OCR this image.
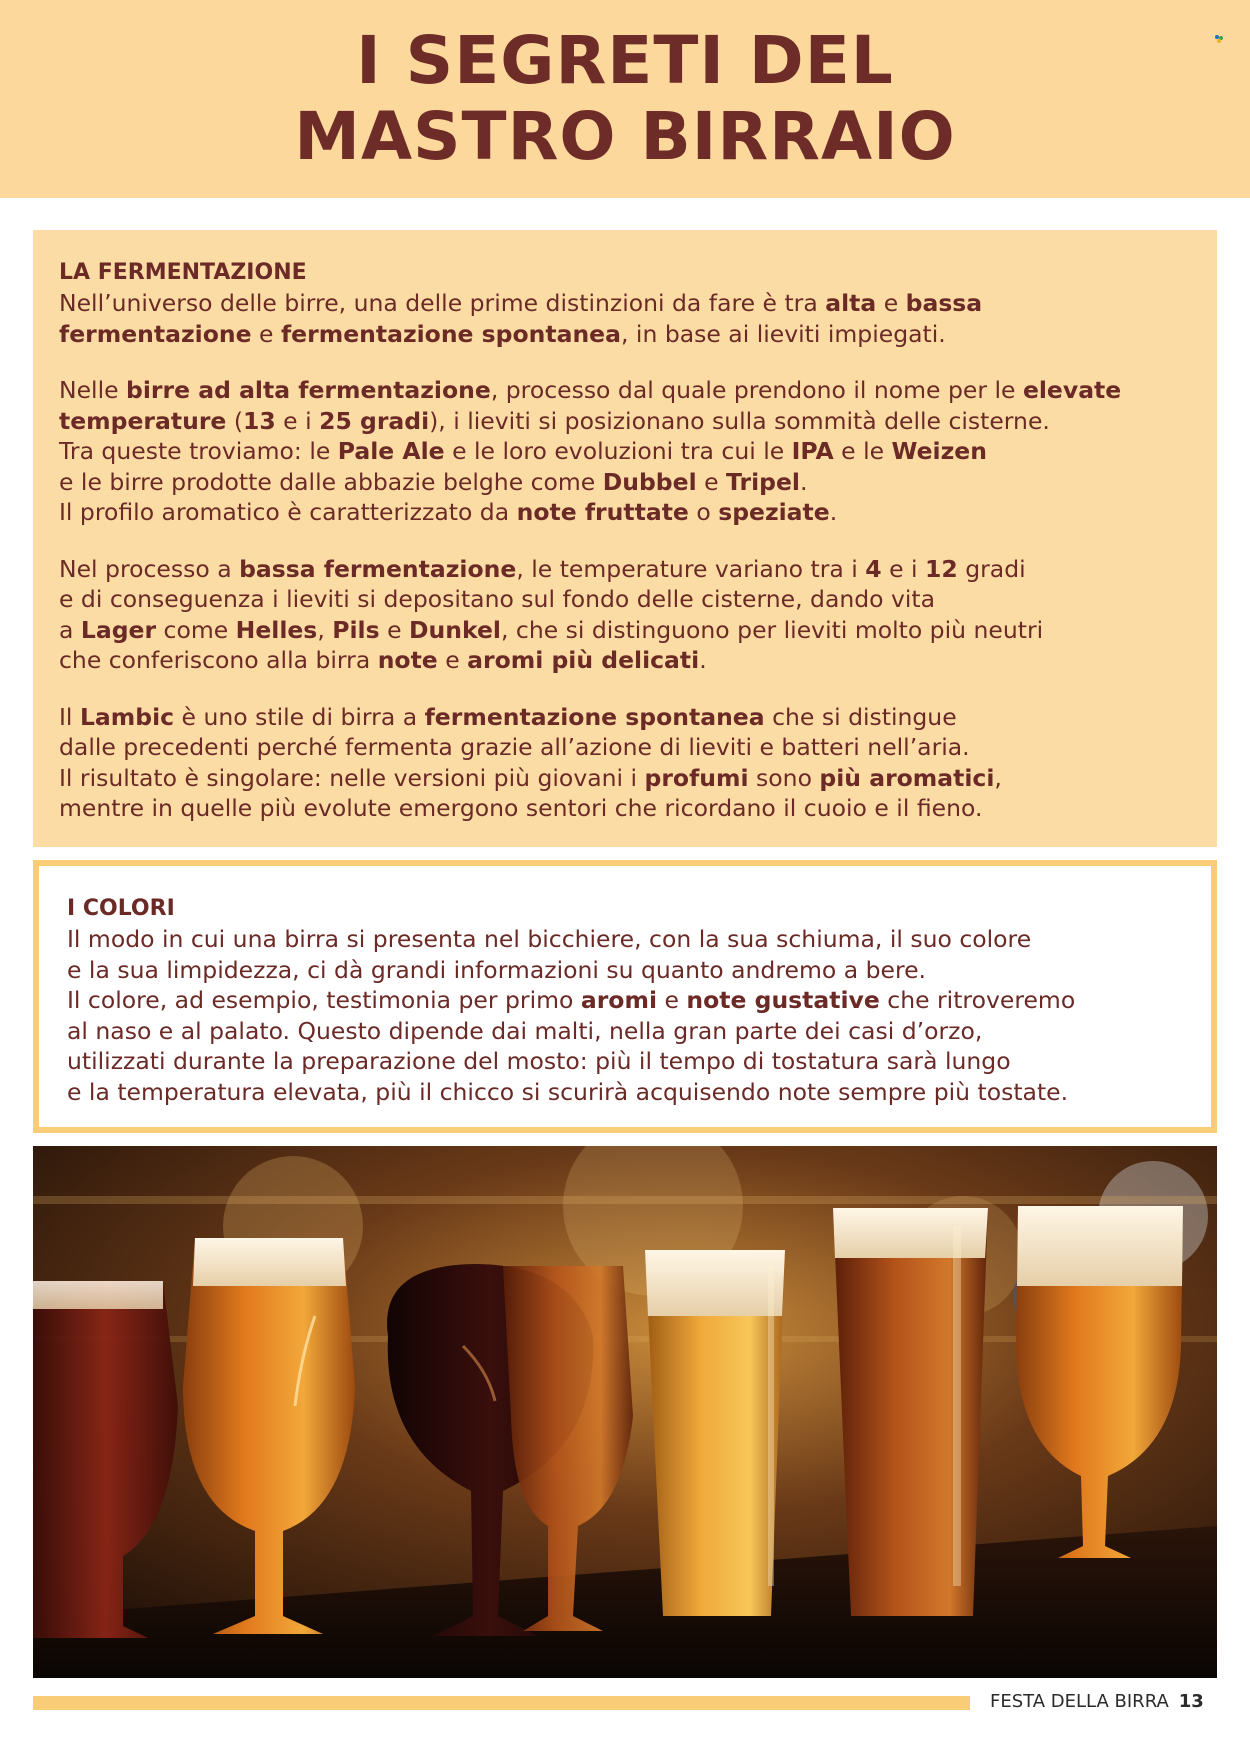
I SEGRETI DEL
MASTRO BIRRAIO
LA FERMENTAZIONE
Nell’universo delle birre, una delle prime distinzioni da fare è tra alta e bassa
fermentazione e fermentazione spontanea, in base ai lieviti impiegati.
Nelle birre ad alta fermentazione, processo dal quale prendono il nome per le elevate
temperature (13 e i 25 gradi), i lieviti si posizionano sulla sommità delle cisterne.
Tra queste troviamo: le Pale Ale e le loro evoluzioni tra cui le IPA e le Weizen
e le birre prodotte dalle abbazie belghe come Dubbel e Tripel.
Il profilo aromatico è caratterizzato da note fruttate o speziate.
Nel processo a bassa fermentazione, le temperature variano tra i 4 e i 12 gradi
e di conseguenza i lieviti si depositano sul fondo delle cisterne, dando vita
a Lager come Helles, Pils e Dunkel, che si distinguono per lieviti molto più neutri
che conferiscono alla birra note e aromi più delicati.
Il Lambic è uno stile di birra a fermentazione spontanea che si distingue
dalle precedenti perché fermenta grazie all’azione di lieviti e batteri nell’aria.
Il risultato è singolare: nelle versioni più giovani i profumi sono più aromatici,
mentre in quelle più evolute emergono sentori che ricordano il cuoio e il fieno.
I COLORI
Il modo in cui una birra si presenta nel bicchiere, con la sua schiuma, il suo colore
e la sua limpidezza, ci dà grandi informazioni su quanto andremo a bere.
Il colore, ad esempio, testimonia per primo aromi e note gustative che ritroveremo
al naso e al palato. Questo dipende dai malti, nella gran parte dei casi d’orzo,
utilizzati durante la preparazione del mosto: più il tempo di tostatura sarà lungo
e la temperatura elevata, più il chicco si scurirà acquisendo note sempre più tostate.
FESTA DELLA BIRRA 13
